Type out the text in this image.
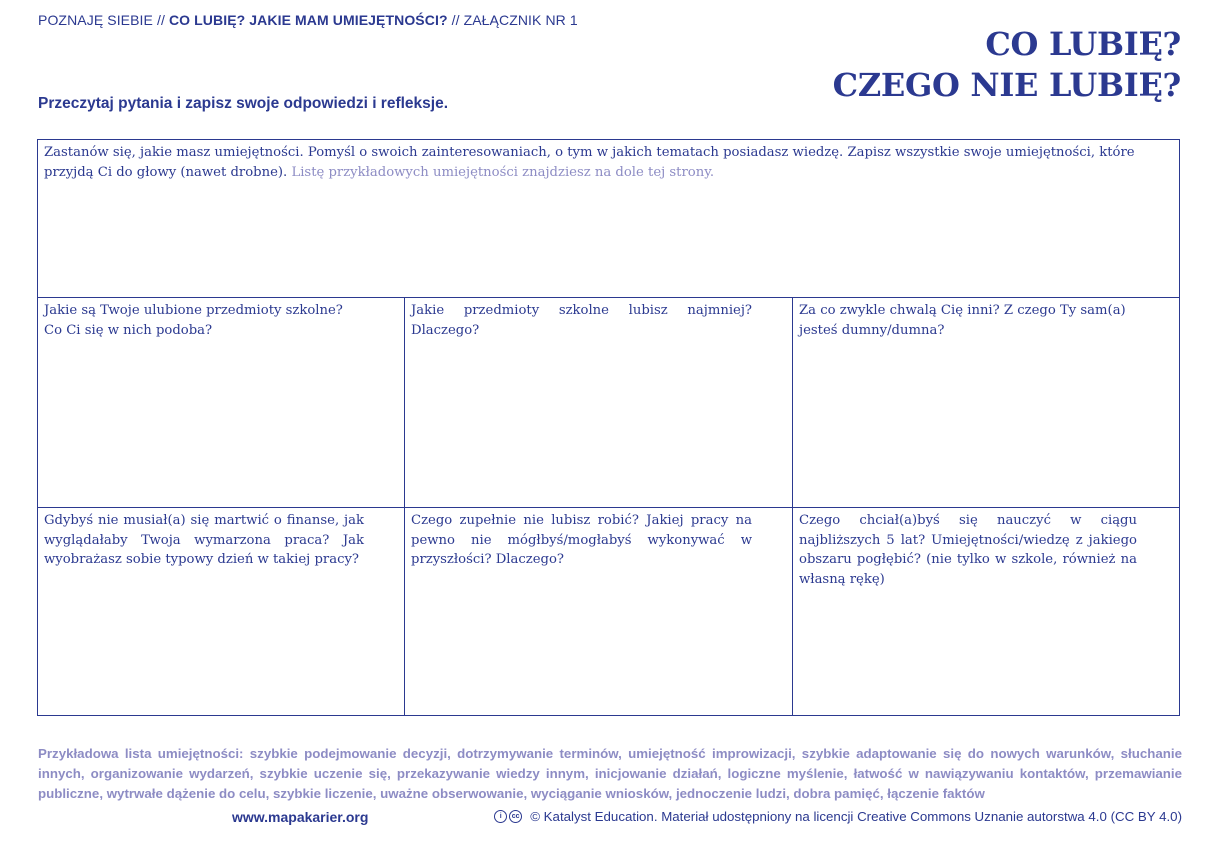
POZNAJĘ SIEBIE // CO LUBIĘ? JAKIE MAM UMIEJĘTNOŚCI? // ZAŁĄCZNIK NR 1
CO LUBIĘ?
CZEGO NIE LUBIĘ?
Przeczytaj pytania i zapisz swoje odpowiedzi i refleksje.
Zastanów się, jakie masz umiejętności. Pomyśl o swoich zainteresowaniach, o tym w jakich tematach posiadasz wiedzę. Zapisz wszystkie swoje umiejętności, które przyjdą Ci do głowy (nawet drobne). Listę przykładowych umiejętności znajdziesz na dole tej strony.
Jakie są Twoje ulubione przedmioty szkolne? Co Ci się w nich podoba?
Jakie przedmioty szkolne lubisz najmniej? Dlaczego?
Za co zwykle chwalą Cię inni? Z czego Ty sam(a) jesteś dumny/dumna?
Gdybyś nie musiał(a) się martwić o finanse, jak wyglądałaby Twoja wymarzona praca? Jak wyobrażasz sobie typowy dzień w takiej pracy?
Czego zupełnie nie lubisz robić? Jakiej pracy na pewno nie mógłbyś/mogłabyś wykonywać w przyszłości? Dlaczego?
Czego chciał(a)byś się nauczyć w ciągu najbliższych 5 lat? Umiejętności/wiedzę z jakiego obszaru pogłębić? (nie tylko w szkole, również na własną rękę)
Przykładowa lista umiejętności: szybkie podejmowanie decyzji, dotrzymywanie terminów, umiejętność improwizacji, szybkie adaptowanie się do nowych warunków, słuchanie innych, organizowanie wydarzeń, szybkie uczenie się, przekazywanie wiedzy innym, inicjowanie działań, logiczne myślenie, łatwość w nawiązywaniu kontaktów, przemawianie publiczne, wytrwałe dążenie do celu, szybkie liczenie, uważne obserwowanie, wyciąganie wniosków, jednoczenie ludzi, dobra pamięć, łączenie faktów
www.mapakarier.org	i	cc © Katalyst Education. Materiał udostępniony na licencji Creative Commons Uznanie autorstwa 4.0 (CC BY 4.0)
